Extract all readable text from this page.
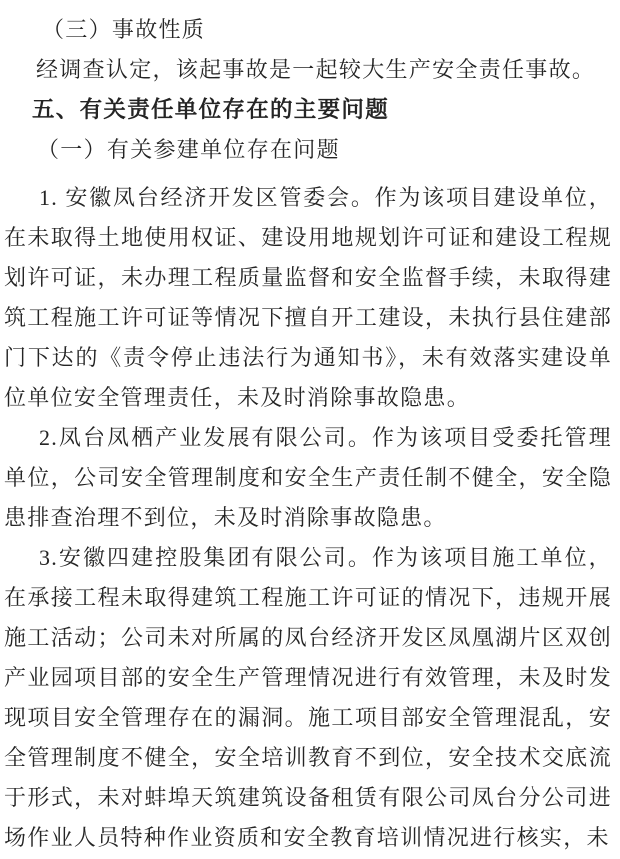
（三）事故性质

经调查认定，该起事故是一起较大生产安全责任事故。

五、有关责任单位存在的主要问题
（一）有关参建单位存在问题

1. 安徽凤台经济开发区管委会。作为该项目建设单位，在未取得土地使用权证、建设用地规划许可证和建设工程规划许可证，未办理工程质量监督和安全监督手续，未取得建筑工程施工许可证等情况下擅自开工建设，未执行县住建部门下达的《责令停止违法行为通知书》，未有效落实建设单位单位安全管理责任，未及时消除事故隐患。

2.凤台凤栖产业发展有限公司。作为该项目受委托管理单位，公司安全管理制度和安全生产责任制不健全，安全隐患排查治理不到位，未及时消除事故隐患。

3.安徽四建控股集团有限公司。作为该项目施工单位，在承接工程未取得建筑工程施工许可证的情况下，违规开展施工活动；公司未对所属的凤台经济开发区凤凰湖片区双创产业园项目部的安全生产管理情况进行有效管理，未及时发现项目安全管理存在的漏洞。施工项目部安全管理混乱，安全管理制度不健全，安全培训教育不到位，安全技术交底流于形式，未对蚌埠天筑建筑设备租赁有限公司凤台分公司进场作业人员特种作业资质和安全教育培训情况进行核实，未
